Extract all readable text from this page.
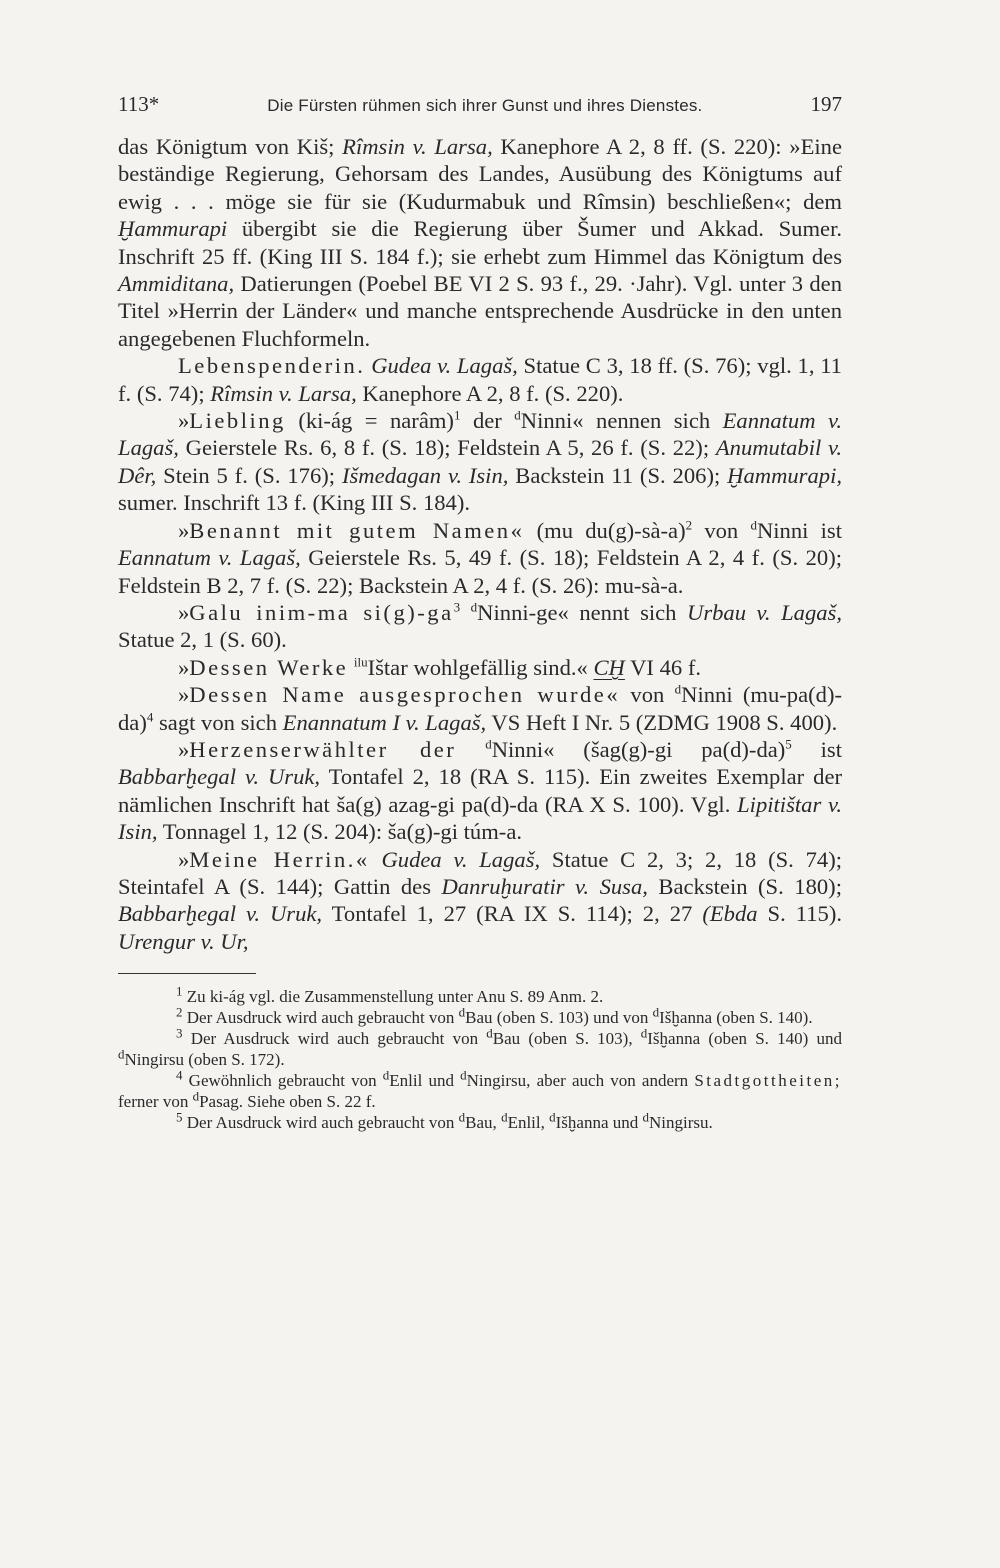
113*	Die Fürsten rühmen sich ihrer Gunst und ihres Dienstes.	197

das Königtum von Kiš; Rîmsin v. Larsa, Kanephore A 2, 8 ff. (S. 220): »Eine beständige Regierung, Gehorsam des Landes, Ausübung des Königtums auf ewig . . . möge sie für sie (Kudurmabuk und Rîmsin) beschließen«; dem Ḫammurapi übergibt sie die Regierung über Šumer und Akkad. Sumer. Inschrift 25 ff. (King III S. 184 f.); sie erhebt zum Himmel das Königtum des Ammiditana, Datierungen (Poebel BE VI 2 S. 93 f., 29. ·Jahr). Vgl. unter 3 den Titel »Herrin der Länder« und manche entsprechende Ausdrücke in den unten angegebenen Fluchformeln.

Lebenspenderin. Gudea v. Lagaš, Statue C 3, 18 ff. (S. 76); vgl. 1, 11 f. (S. 74); Rîmsin v. Larsa, Kanephore A 2, 8 f. (S. 220).

»Liebling (ki-ág = narâm)$^1$ der $^d$Ninni« nennen sich Eannatum v. Lagaš, Geierstele Rs. 6, 8 f. (S. 18); Feldstein A 5, 26 f. (S. 22); Anumutabil v. Dêr, Stein 5 f. (S. 176); Išmedagan v. Isin, Backstein 11 (S. 206); Ḫammurapi, sumer. Inschrift 13 f. (King III S. 184).

»Benannt mit gutem Namen« (mu du(g)-sà-a)$^2$ von $^d$Ninni ist Eannatum v. Lagaš, Geierstele Rs. 5, 49 f. (S. 18); Feldstein A 2, 4 f. (S. 20); Feldstein B 2, 7 f. (S. 22); Backstein A 2, 4 f. (S. 26): mu-sà-a.

»Galu inim-ma $si(g)-ga^3$ $^d$Ninni-ge« nennt sich Urbau v. Lagaš, Statue 2, 1 (S. 60).

»Dessen Werke $^{ilu}$Ištar wohlgefällig sind.« CḪ VI 46 f.

»Dessen Name ausgesprochen wurde« von $^d$Ninni $(mu-pa(d)-da)^4$ sagt von sich Enannatum I v. Lagaš, VS Heft I Nr. 5 (ZDMG 1908 S. 400).

»Herzenserwählter der $^d$Ninni« (šag(g)-gi pa(d)-da)$^5$ ist Babbarḫegal v. Uruk, Tontafel 2, 18 (RA S. 115). Ein zweites Exemplar der nämlichen Inschrift hat ša(g) azag-gi pa(d)-da (RA X S. 100). Vgl. Lipitištar v. Isin, Tonnagel 1, 12 (S. 204): ša(g)-gi túm-a.

»Meine Herrin.« Gudea v. Lagaš, Statue C 2, 3; 2, 18 (S. 74); Steintafel A (S. 144); Gattin des Danruḫuratir v. Susa, Backstein (S. 180); Babbarḫegal v. Uruk, Tontafel 1, 27 (RA IX S. 114); 2, 27 (Ebda S. 115). Urengur v. Ur,

$^1$ Zu ki-ág vgl. die Zusammenstellung unter Anu S. 89 Anm. 2.

$^2$ Der Ausdruck wird auch gebraucht von $^d$Bau (oben S. 103) und von $^d$Išḫanna (oben S. 140).

$^3$ Der Ausdruck wird auch gebraucht von $^d$Bau (oben S. 103), $^d$Išḫanna (oben S. 140) und $^d$Ningirsu (oben S. 172).

$^4$ Gewöhnlich gebraucht von $^d$Enlil und $^d$Ningirsu, aber auch von andern Stadtgottheiten; ferner von $^d$Pasag. Siehe oben S. 22 f.

$^5$ Der Ausdruck wird auch gebraucht von $^d$Bau, $^d$Enlil, $^d$Išḫanna und $^d$Ningirsu.
